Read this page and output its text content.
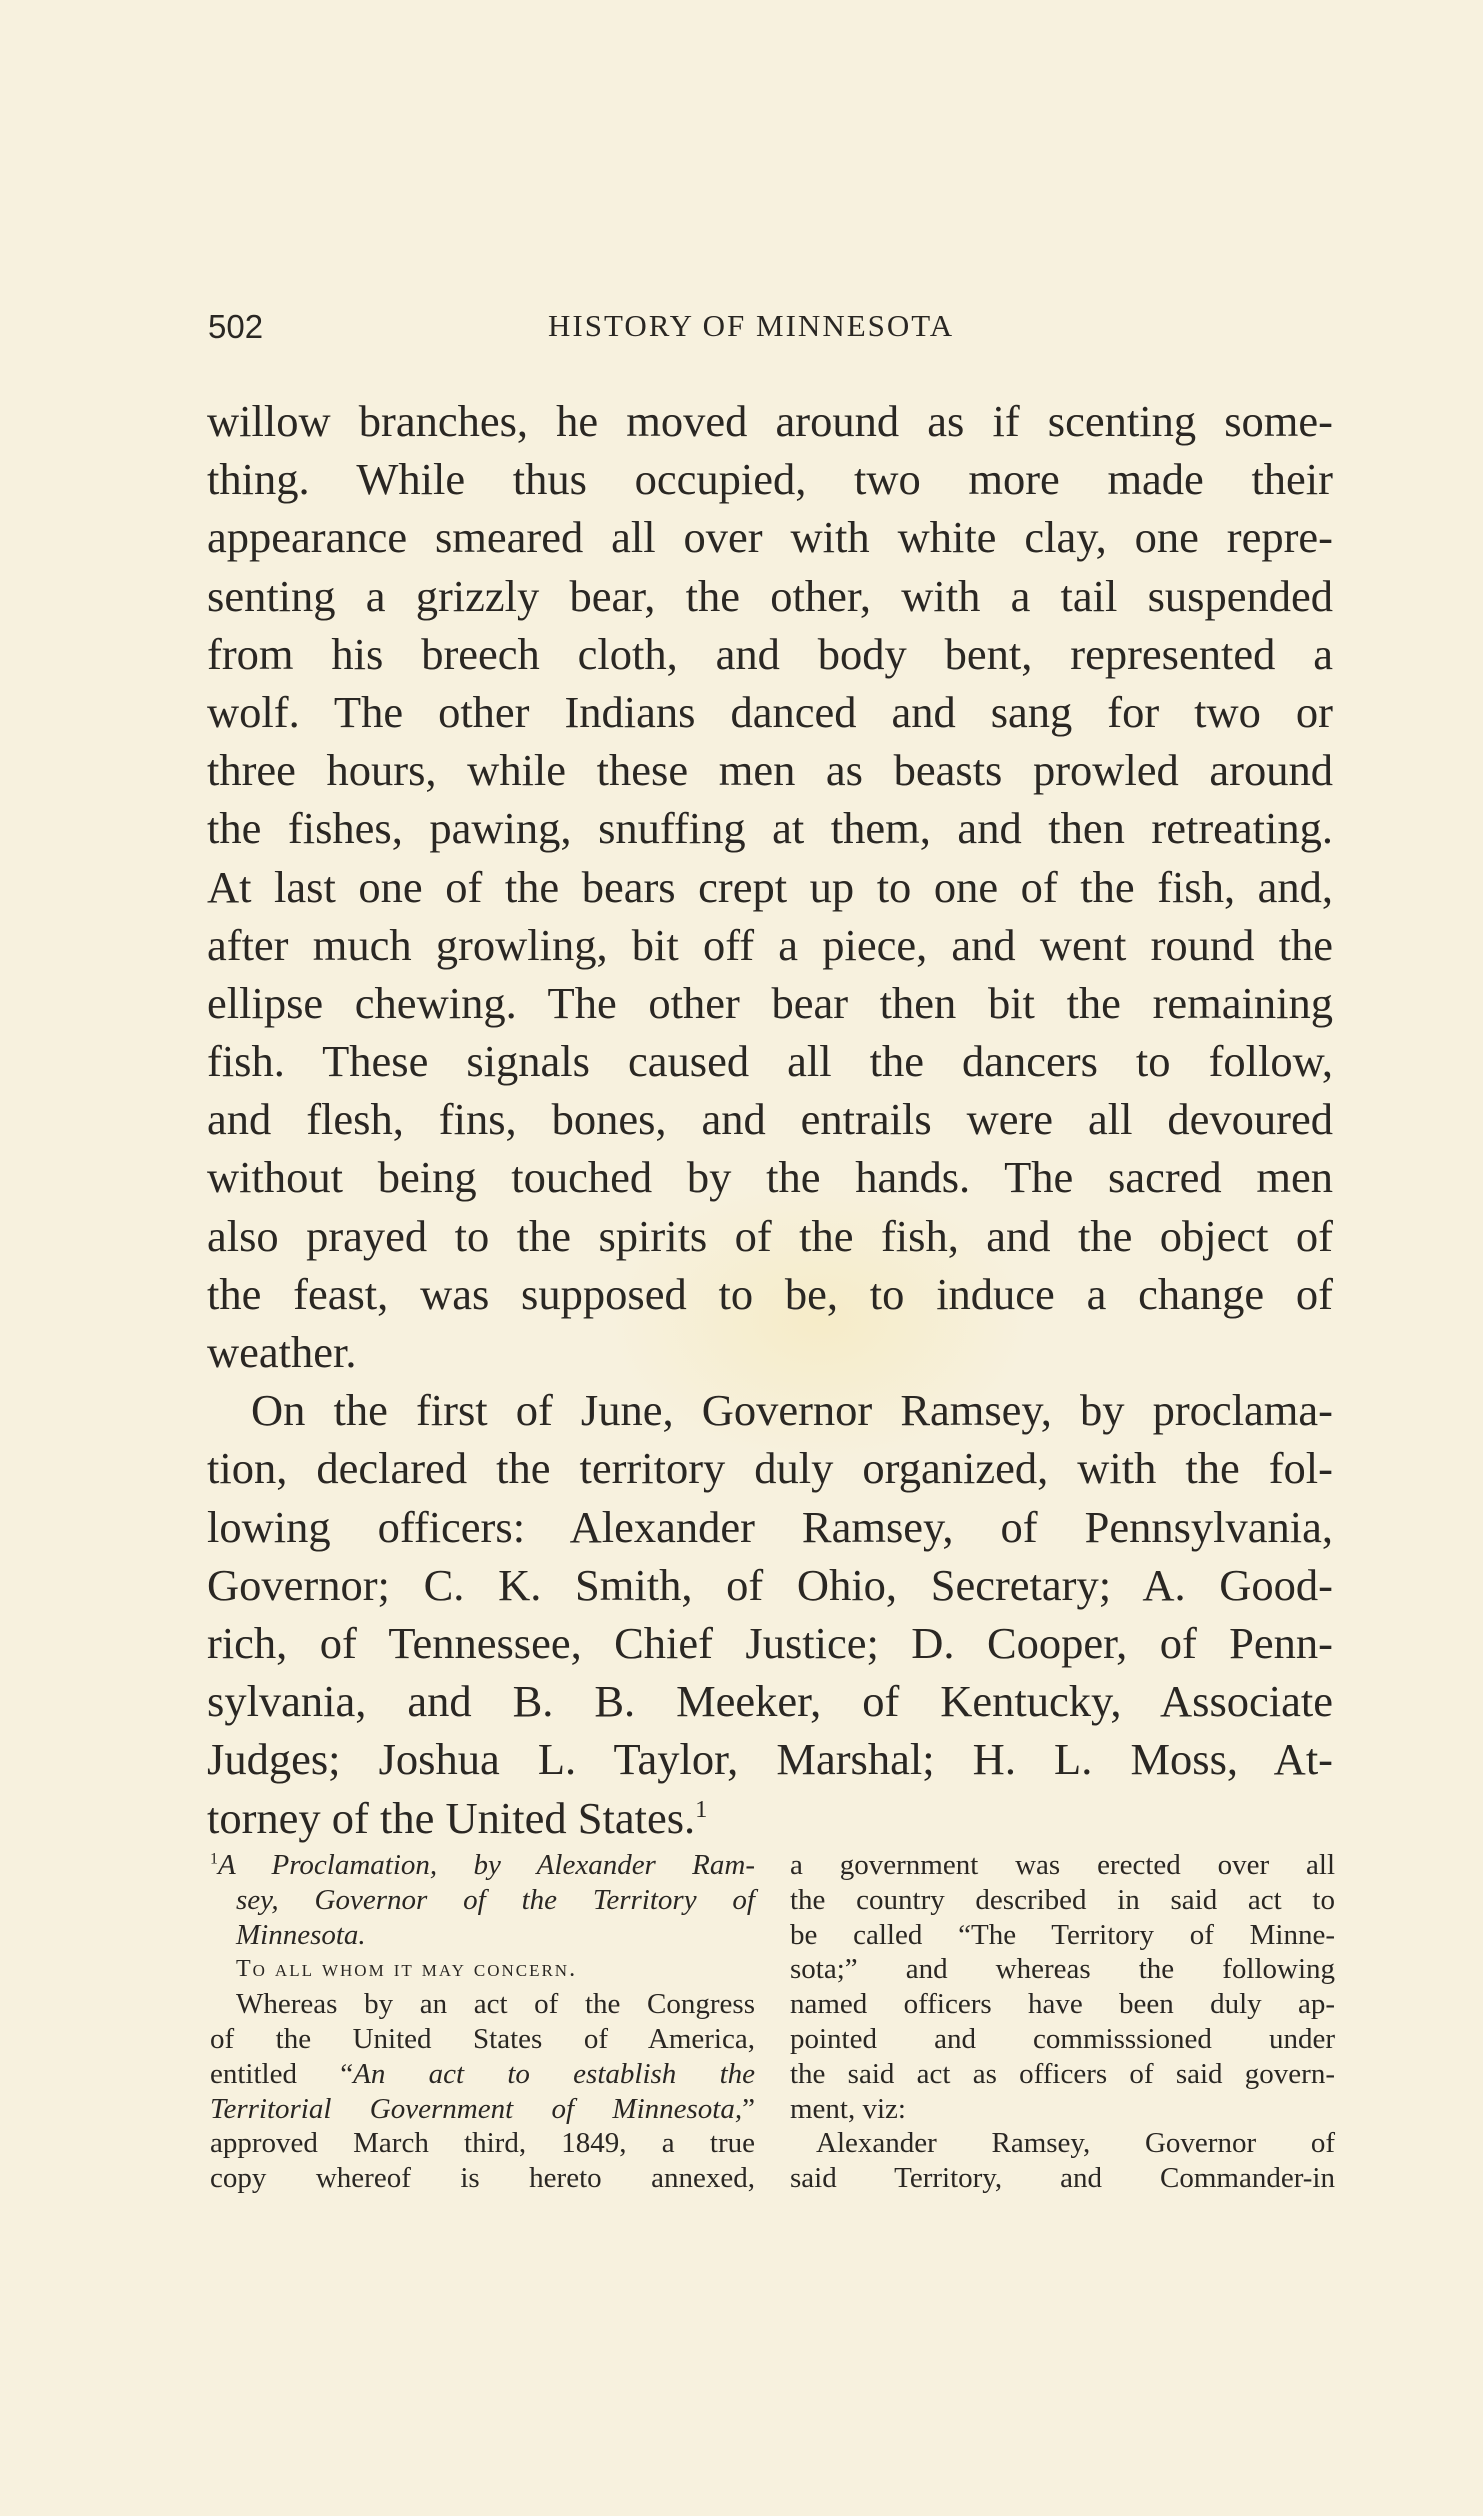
502	HISTORY OF MINNESOTA

willow branches, he moved around as if scenting some-
thing. While thus occupied, two more made their
appearance smeared all over with white clay, one repre-
senting a grizzly bear, the other, with a tail suspended
from his breech cloth, and body bent, represented a
wolf. The other Indians danced and sang for two or
three hours, while these men as beasts prowled around
the fishes, pawing, snuffing at them, and then retreating.
At last one of the bears crept up to one of the fish, and,
after much growling, bit off a piece, and went round the
ellipse chewing. The other bear then bit the remaining
fish. These signals caused all the dancers to follow,
and flesh, fins, bones, and entrails were all devoured
without being touched by the hands. The sacred men
also prayed to the spirits of the fish, and the object of
the feast, was supposed to be, to induce a change of
weather.

On the first of June, Governor Ramsey, by proclama-
tion, declared the territory duly organized, with the fol-
lowing officers: Alexander Ramsey, of Pennsylvania,
Governor; C. K. Smith, of Ohio, Secretary; A. Good-
rich, of Tennessee, Chief Justice; D. Cooper, of Penn-
sylvania, and B. B. Meeker, of Kentucky, Associate
Judges; Joshua L. Taylor, Marshal; H. L. Moss, At-
torney of the United States.$^1$

$^1$A Proclamation, by Alexander Ram-
sey, Governor of the Territory of
Minnesota.
To all whom it may concern.
Whereas by an act of the Congress
of the United States of America,
entitled “An act to establish the
Territorial Government of Minnesota,”
approved March third, 1849, a true
copy whereof is hereto annexed,
a government was erected over all
the country described in said act to
be called “The Territory of Minne-
sota;” and whereas the following
named officers have been duly ap-
pointed and commisssioned under
the said act as officers of said govern-
ment, viz:
Alexander Ramsey, Governor of
said Territory, and Commander-in
